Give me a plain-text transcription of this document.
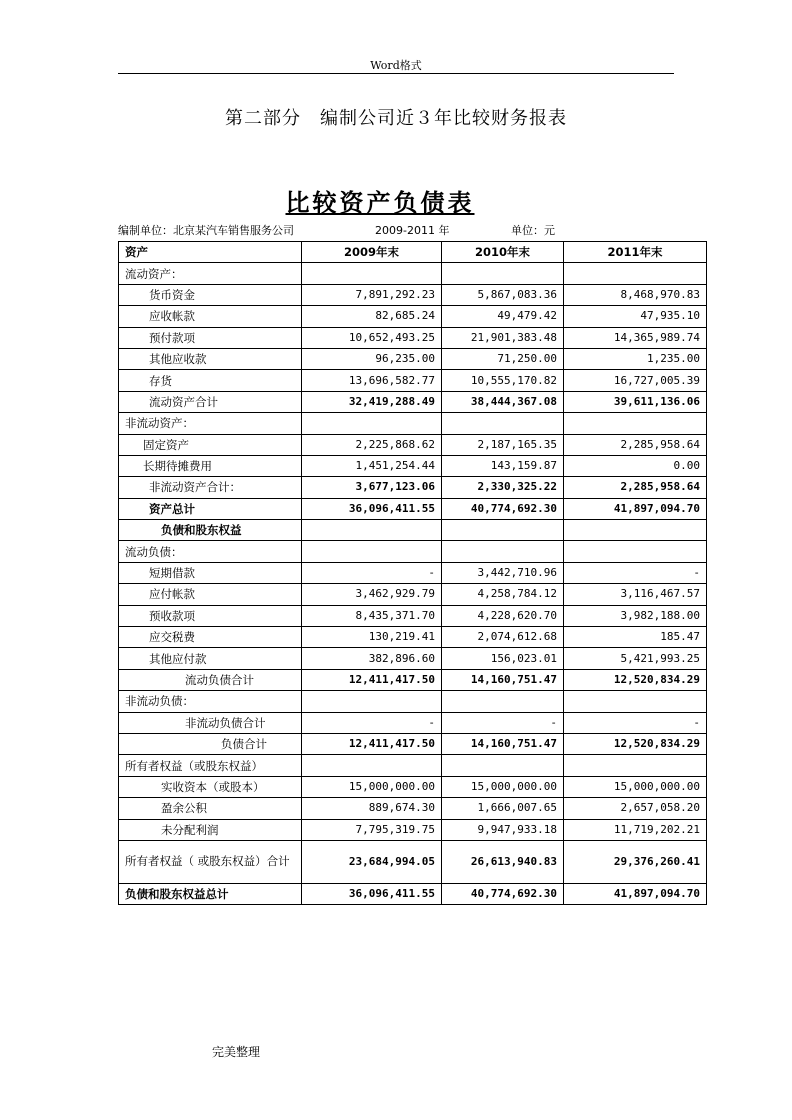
Word格式
第二部分　编制公司近３年比较财务报表
比较资产负债表
编制单位：北京某汽车销售服务公司	2009-2011 年	单位：元
资产	2009年末	2010年末	2011年末
流动资产：			
货币资金	7,891,292.23	5,867,083.36	8,468,970.83
应收帐款	82,685.24	49,479.42	47,935.10
预付款项	10,652,493.25	21,901,383.48	14,365,989.74
其他应收款	96,235.00	71,250.00	1,235.00
存货	13,696,582.77	10,555,170.82	16,727,005.39
流动资产合计	32,419,288.49	38,444,367.08	39,611,136.06
非流动资产：			
固定资产	2,225,868.62	2,187,165.35	2,285,958.64
长期待摊费用	1,451,254.44	143,159.87	0.00
非流动资产合计：	3,677,123.06	2,330,325.22	2,285,958.64
资产总计	36,096,411.55	40,774,692.30	41,897,094.70
负债和股东权益			
流动负债：			
短期借款	-	3,442,710.96	-
应付帐款	3,462,929.79	4,258,784.12	3,116,467.57
预收款项	8,435,371.70	4,228,620.70	3,982,188.00
应交税费	130,219.41	2,074,612.68	185.47
其他应付款	382,896.60	156,023.01	5,421,993.25
流动负债合计	12,411,417.50	14,160,751.47	12,520,834.29
非流动负债：			
非流动负债合计	-	-	-
负债合计	12,411,417.50	14,160,751.47	12,520,834.29
所有者权益（或股东权益）			
实收资本（或股本）	15,000,000.00	15,000,000.00	15,000,000.00
盈余公积	889,674.30	1,666,007.65	2,657,058.20
未分配利润	7,795,319.75	9,947,933.18	11,719,202.21
所有者权益（ 或股东权益）合计	23,684,994.05	26,613,940.83	29,376,260.41
负债和股东权益总计	36,096,411.55	40,774,692.30	41,897,094.70
完美整理
